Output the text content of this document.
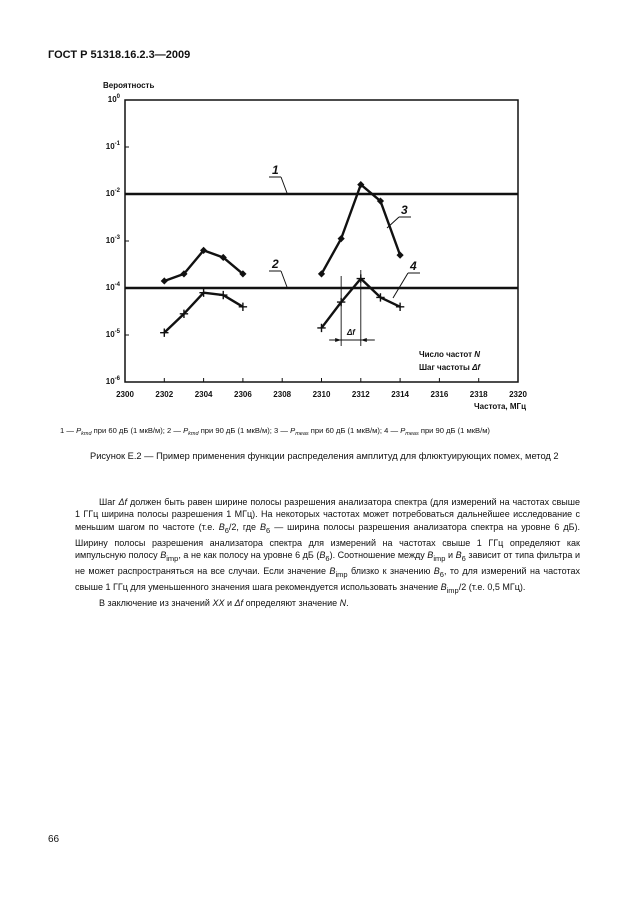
ГОСТ Р 51318.16.2.3—2009
$10^0$
$10^{-1}$
$10^{-2}$
$10^{-3}$
$10^{-4}$
$10^{-5}$
$10^{-6}$
2300	2302	2304	2306	2308	2310	2312	2314	2316	2318	2320
Вероятность
Частота, МГц
1
2
3
4
Δf
Число частот N
Шаг частоты Δf
1 — $P_{kmd}$ при 60 дБ (1 мкВ/м); 2 — $P_{kmd}$ при 90 дБ (1 мкВ/м); 3 — $P_{meas}$ при 60 дБ (1 мкВ/м); 4 — $P_{meas}$ при 90 дБ (1 мкВ/м)
Рисунок Е.2 — Пример применения функции распределения амплитуд для флюктуирующих помех, метод 2

Шаг Δf должен быть равен ширине полосы разрешения анализатора спектра (для измерений на частотах свыше 1 ГГц ширина полосы разрешения 1 МГц). На некоторых частотах может потребоваться дальнейшее исследование с меньшим шагом по частоте (т.е. $B_6/2$, где $B_6$ — ширина полосы разрешения анализатора спектра на уровне 6 дБ). Ширину полосы разрешения анализатора спектра для измерений на частотах свыше 1 ГГц определяют как импульсную полосу $B_{imp}$, а не как полосу на уровне 6 дБ $(B_6)$. Соотношение между $B_{imp}$ и $B_6$ зависит от типа фильтра и не может распространяться на все случаи. Если значение $B_{imp}$ близко к значению $B_6$, то для измерений на частотах свыше 1 ГГц для уменьшенного значения шага рекомендуется использовать значение $B_{imp}/2$ (т.е. 0,5 МГц).

В заключение из значений XX и Δf определяют значение N.

66
